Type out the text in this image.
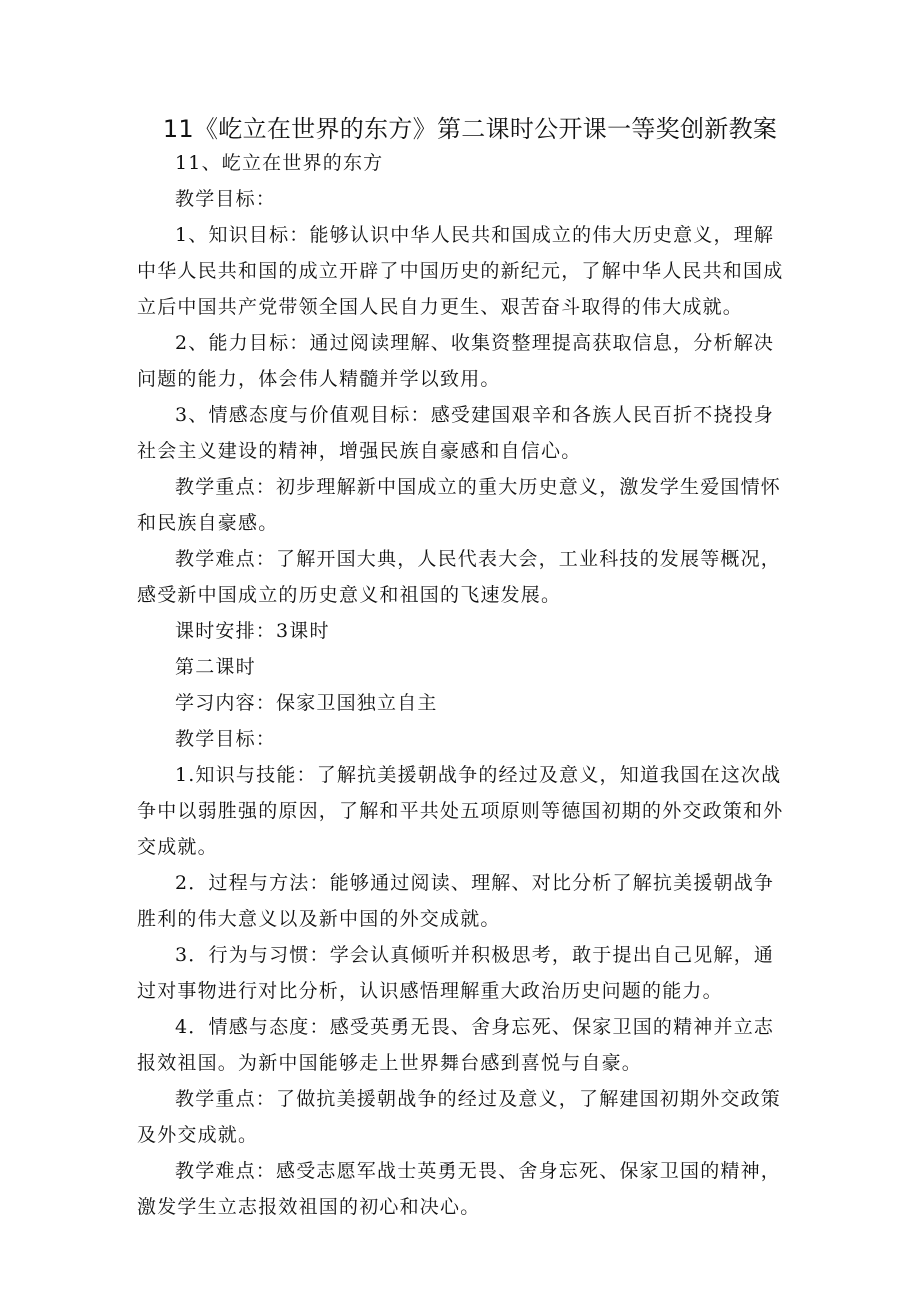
11《屹立在世界的东方》第二课时公开课一等奖创新教案

11、屹立在世界的东方

教学目标：

1、知识目标：能够认识中华人民共和国成立的伟大历史意义，理解中华人民共和国的成立开辟了中国历史的新纪元，了解中华人民共和国成立后中国共产党带领全国人民自力更生、艰苦奋斗取得的伟大成就。

2、能力目标：通过阅读理解、收集资整理提高获取信息，分析解决问题的能力，体会伟人精髓并学以致用。

3、情感态度与价值观目标：感受建国艰辛和各族人民百折不挠投身社会主义建设的精神，增强民族自豪感和自信心。

教学重点：初步理解新中国成立的重大历史意义，激发学生爱国情怀和民族自豪感。

教学难点：了解开国大典，人民代表大会，工业科技的发展等概况，感受新中国成立的历史意义和祖国的飞速发展。

课时安排：3课时

第二课时

学习内容：保家卫国独立自主

教学目标：

1.知识与技能：了解抗美援朝战争的经过及意义，知道我国在这次战争中以弱胜强的原因，了解和平共处五项原则等德国初期的外交政策和外交成就。

2．过程与方法：能够通过阅读、理解、对比分析了解抗美援朝战争胜利的伟大意义以及新中国的外交成就。

3．行为与习惯：学会认真倾听并积极思考，敢于提出自己见解，通过对事物进行对比分析，认识感悟理解重大政治历史问题的能力。

4．情感与态度：感受英勇无畏、舍身忘死、保家卫国的精神并立志报效祖国。为新中国能够走上世界舞台感到喜悦与自豪。

教学重点：了做抗美援朝战争的经过及意义，了解建国初期外交政策及外交成就。

教学难点：感受志愿军战士英勇无畏、舍身忘死、保家卫国的精神，激发学生立志报效祖国的初心和决心。
